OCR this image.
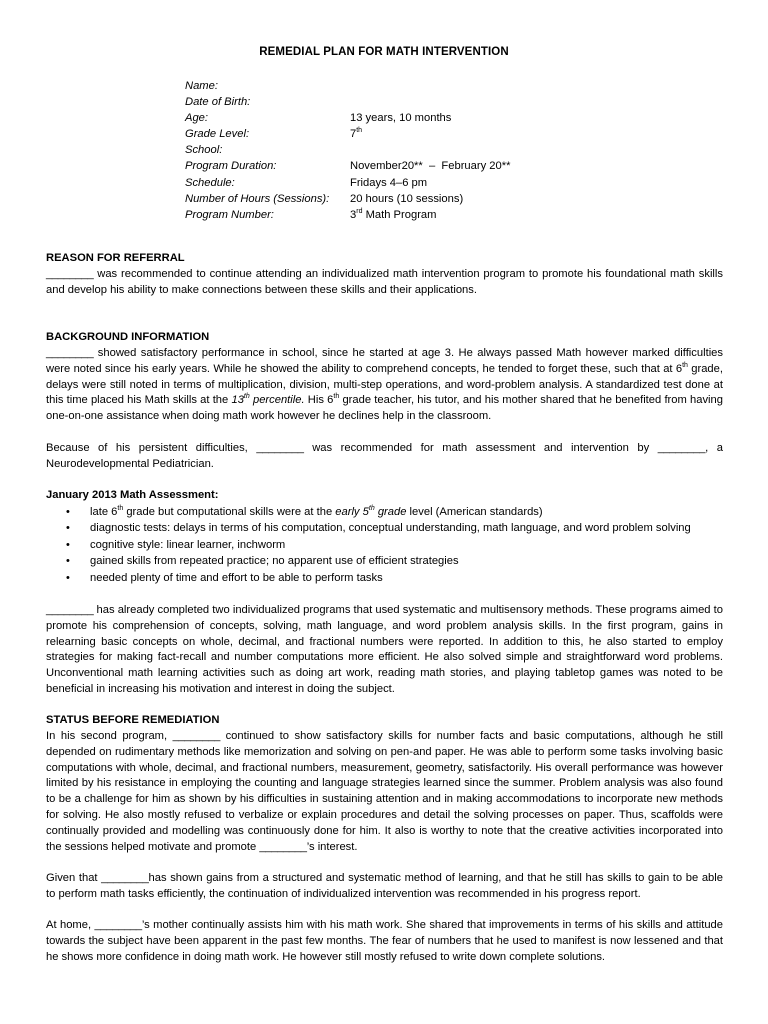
REMEDIAL PLAN FOR MATH INTERVENTION
Name:
Date of Birth:
Age:	13 years, 10 months
Grade Level:	7th
School:
Program Duration:	November20**  –  February 20**
Schedule:	Fridays 4–6 pm
Number of Hours (Sessions): 20 hours (10 sessions)
Program Number:	3rd Math Program
REASON FOR REFERRAL
________ was recommended to continue attending an individualized math intervention program to promote his foundational math skills and develop his ability to make connections between these skills and their applications.
BACKGROUND INFORMATION
________ showed satisfactory performance in school, since he started at age 3. He always passed Math however marked difficulties were noted since his early years. While he showed the ability to comprehend concepts, he tended to forget these, such that at 6th grade, delays were still noted in terms of multiplication, division, multi-step operations, and word-problem analysis. A standardized test done at this time placed his Math skills at the 13th percentile. His 6th grade teacher, his tutor, and his mother shared that he benefited from having one-on-one assistance when doing math work however he declines help in the classroom.
Because of his persistent difficulties, ________ was recommended for math assessment and intervention by ________, a Neurodevelopmental Pediatrician.
January 2013 Math Assessment:
• late 6th grade but computational skills were at the early 5th grade level (American standards)
• diagnostic tests: delays in terms of his computation, conceptual understanding, math language, and word problem solving
• cognitive style: linear learner, inchworm
• gained skills from repeated practice; no apparent use of efficient strategies
• needed plenty of time and effort to be able to perform tasks
________ has already completed two individualized programs that used systematic and multisensory methods. These programs aimed to promote his comprehension of concepts, solving, math language, and word problem analysis skills. In the first program, gains in relearning basic concepts on whole, decimal, and fractional numbers were reported. In addition to this, he also started to employ strategies for making fact-recall and number computations more efficient. He also solved simple and straightforward word problems. Unconventional math learning activities such as doing art work, reading math stories, and playing tabletop games was noted to be beneficial in increasing his motivation and interest in doing the subject.
STATUS BEFORE REMEDIATION
In his second program, ________ continued to show satisfactory skills for number facts and basic computations, although he still depended on rudimentary methods like memorization and solving on pen-and paper. He was able to perform some tasks involving basic computations with whole, decimal, and fractional numbers, measurement, geometry, satisfactorily. His overall performance was however limited by his resistance in employing the counting and language strategies learned since the summer. Problem analysis was also found to be a challenge for him as shown by his difficulties in sustaining attention and in making accommodations to incorporate new methods for solving. He also mostly refused to verbalize or explain procedures and detail the solving processes on paper. Thus, scaffolds were continually provided and modelling was continuously done for him. It also is worthy to note that the creative activities incorporated into the sessions helped motivate and promote ________’s interest.
Given that ________has shown gains from a structured and systematic method of learning, and that he still has skills to gain to be able to perform math tasks efficiently, the continuation of individualized intervention was recommended in his progress report.
At home, ________’s mother continually assists him with his math work. She shared that improvements in terms of his skills and attitude towards the subject have been apparent in the past few months. The fear of numbers that he used to manifest is now lessened and that he shows more confidence in doing math work. He however still mostly refused to write down complete solutions.
